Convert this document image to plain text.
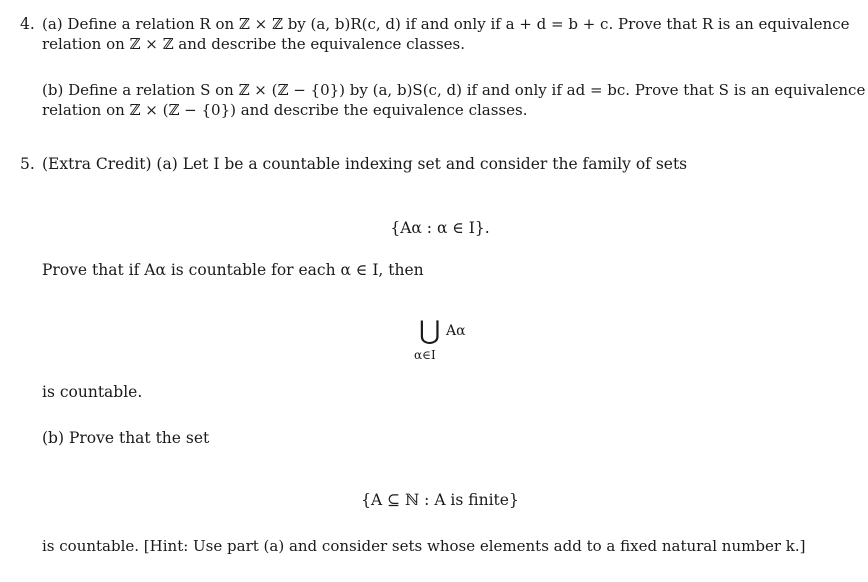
4. (a) Define a relation R on ℤ × ℤ by (a, b)R(c, d) if and only if a + d = b + c. Prove that R is an equivalence
relation on ℤ × ℤ and describe the equivalence classes.
(b) Define a relation S on ℤ × (ℤ − {0}) by (a, b)S(c, d) if and only if ad = bc. Prove that S is an equivalence
relation on ℤ × (ℤ − {0}) and describe the equivalence classes.
5. (Extra Credit) (a) Let I be a countable indexing set and consider the family of sets
{Aα : α ∈ I}.
Prove that if Aα is countable for each α ∈ I, then
⋃ Aα
α∈I
is countable.
(b) Prove that the set
{A ⊆ ℕ : A is finite}
is countable. [Hint: Use part (a) and consider sets whose elements add to a fixed natural number k.]
